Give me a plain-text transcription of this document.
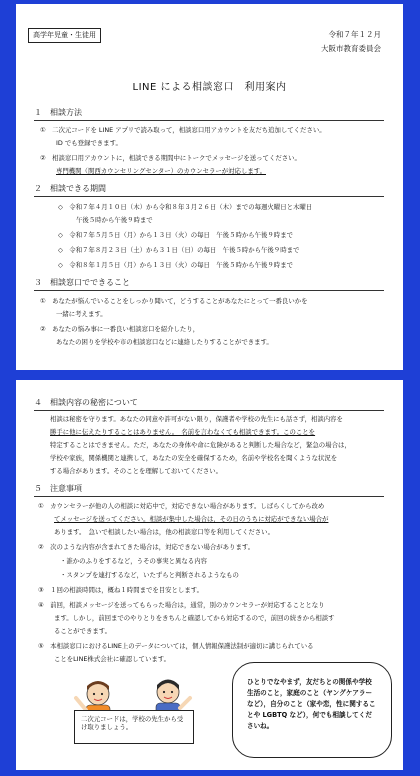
高学年児童・生徒用	令和７年１２月
大阪市教育委員会
LINE による相談窓口　利用案内
１　相談方法
①　二次元コードを LINE アプリで読み取って，相談窓口用アカウントを友だち追加してください。
ID でも登録できます。
②　相談窓口用アカウントに，相談できる期間中にトークでメッセージを送ってください。
専門機関（関西カウンセリングセンター）のカウンセラーが対応します。
２　相談できる期間
◇　令和７年４月１０日（木）から令和８年３月２６日（木）までの毎週火曜日と木曜日
午後５時から午後９時まで
◇　令和７年５月５日（月）から１３日（火）の毎日　午後５時から午後９時まで
◇　令和７年８月２３日（土）から３１日（日）の毎日　午後５時から午後９時まで
◇　令和８年１月５日（月）から１３日（火）の毎日　午後５時から午後９時まで
３　相談窓口でできること
①　あなたが悩んでいることをしっかり聞いて，どうすることがあなたにとって一番良いかを
一緒に考えます。
②　あなたの悩み事に一番良い相談窓口を紹介したり，
あなたの困りを学校や市の相談窓口などに連絡したりすることができます。
４　相談内容の秘密について
相談は秘密を守ります。あなたの同意や許可がない限り，保護者や学校の先生にも話さず，相談内容を
勝手に他に伝えたりすることはありません。　名前を言わなくても相談できます。このことを
特定することはできません。ただ，あなたの身体や命に危険があると判断した場合など，緊急の場合は，
学校や家族，関係機関と連携して，あなたの安全を確保するため，名前や学校名を聞くような状況を
する場合があります。そのことを理解しておいてください。
５　注意事項
①　カウンセラーが他の人の相談に対応中で，対応できない場合があります。しばらくしてから改め
てメッセージを送ってください。相談が集中した場合は，その日のうちに対応ができない場合が
あります。　急いで相談したい場合は，他の相談窓口等を利用してください。
②　次のような内容が含まれてきた場合は，対応できない場合があります。
・誰かのふりをするなど，うその事実と異なる内容
・スタンプを連打するなど，いたずらと判断されるようなもの
③　１回の相談時間は，概ね１時間までを目安とします。
④　前回，相談メッセージを送ってもらった場合は，通常，別のカウンセラーが対応することとなり
ます。しかし，前回までのやりとりをきちんと確認してから対応するので，前回の続きから相談す
ることができます。
⑤　本相談窓口におけるLINE上のデータについては，個人情報保護法制が適切に講じられている
ことをLINE株式会社に確認しています。
二次元コードは，学校の先生から受け取りましょう。
ひとりでなやまず，友だちとの関係や学校生活のこと，家庭のこと（ヤングケアラーなど），自分のこと（家や恋，性に関することや LGBTQ など），何でも相談してくださいね。
